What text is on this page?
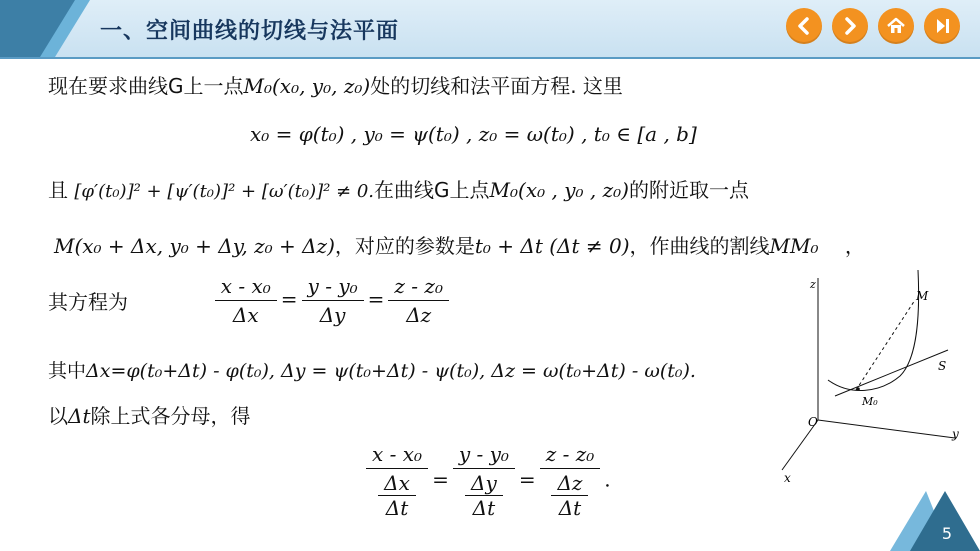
一、空间曲线的切线与法平面
现在要求曲线G上一点M₀(x₀, y₀, z₀)处的切线和法平面方程. 这里
x₀ = φ(t₀) , y₀ = ψ(t₀) , z₀ = ω(t₀) , t₀ ∈ [a , b]
且 [φ′(t₀)]² + [ψ′(t₀)]² + [ω′(t₀)]² ≠ 0.在曲线G上点M₀(x₀ , y₀ , z₀)的附近取一点
M(x₀ + Δx, y₀ + Δy, z₀ + Δz)，对应的参数是t₀ + Δt (Δt ≠ 0)，作曲线的割线MM₀ ，
其方程为	$\frac{\text{x - x₀}}{\Delta x} = \frac{\text{y - y₀}}{\Delta y} = \frac{\text{z - z₀}}{\Delta z}$
其中Δx=φ(t₀+Δt) - φ(t₀), Δy = ψ(t₀+Δt) - ψ(t₀), Δz = ω(t₀+Δt) - ω(t₀).
以Δt除上式各分母，得
x - x₀
Δx
Δt = y - y₀
Δy
Δt = z - z₀
Δz
Δt .
z
y
x
O
M
M₀
S
5
